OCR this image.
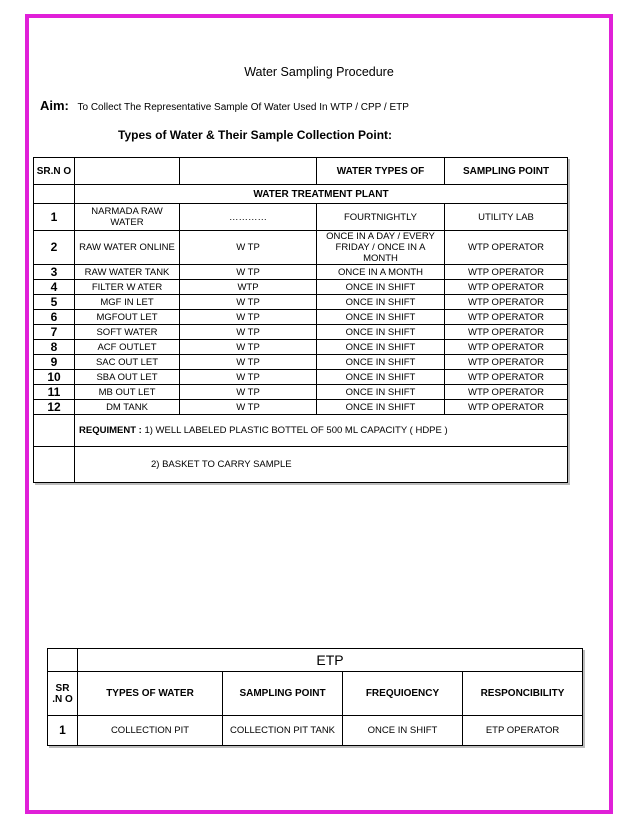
Water Sampling Procedure
Aim: To Collect The Representative Sample Of Water Used In WTP / CPP / ETP
Types of Water & Their Sample Collection Point:
SR.N O			WATER TYPES OF	SAMPLING POINT
	WATER TREATMENT PLANT			
1	NARMADA RAW WATER	…………	FOURTNIGHTLY	UTILITY LAB
2	RAW WATER ONLINE	W TP	ONCE IN A DAY / EVERY FRIDAY / ONCE IN A MONTH	WTP OPERATOR
3	RAW WATER TANK	W TP	ONCE IN A MONTH	WTP OPERATOR
4	FILTER W ATER	WTP	ONCE IN SHIFT	WTP OPERATOR
5	MGF IN LET	W TP	ONCE IN SHIFT	WTP OPERATOR
6	MGFOUT LET	W TP	ONCE IN SHIFT	WTP OPERATOR
7	SOFT WATER	W TP	ONCE IN SHIFT	WTP OPERATOR
8	ACF OUTLET	W TP	ONCE IN SHIFT	WTP OPERATOR
9	SAC OUT LET	W TP	ONCE IN SHIFT	WTP OPERATOR
10	SBA OUT LET	W TP	ONCE IN SHIFT	WTP OPERATOR
11	MB OUT LET	W TP	ONCE IN SHIFT	WTP OPERATOR
12	DM TANK	W TP	ONCE IN SHIFT	WTP OPERATOR
	REQUIMENT : 1) WELL LABELED PLASTIC BOTTEL OF 500 ML CAPACITY ( HDPE )			
	2) BASKET TO CARRY SAMPLE			
	ETP			
SR .N O	TYPES OF WATER	SAMPLING POINT	FREQUIOENCY	RESPONCIBILITY
1	COLLECTION PIT	COLLECTION PIT TANK	ONCE IN SHIFT	ETP OPERATOR
